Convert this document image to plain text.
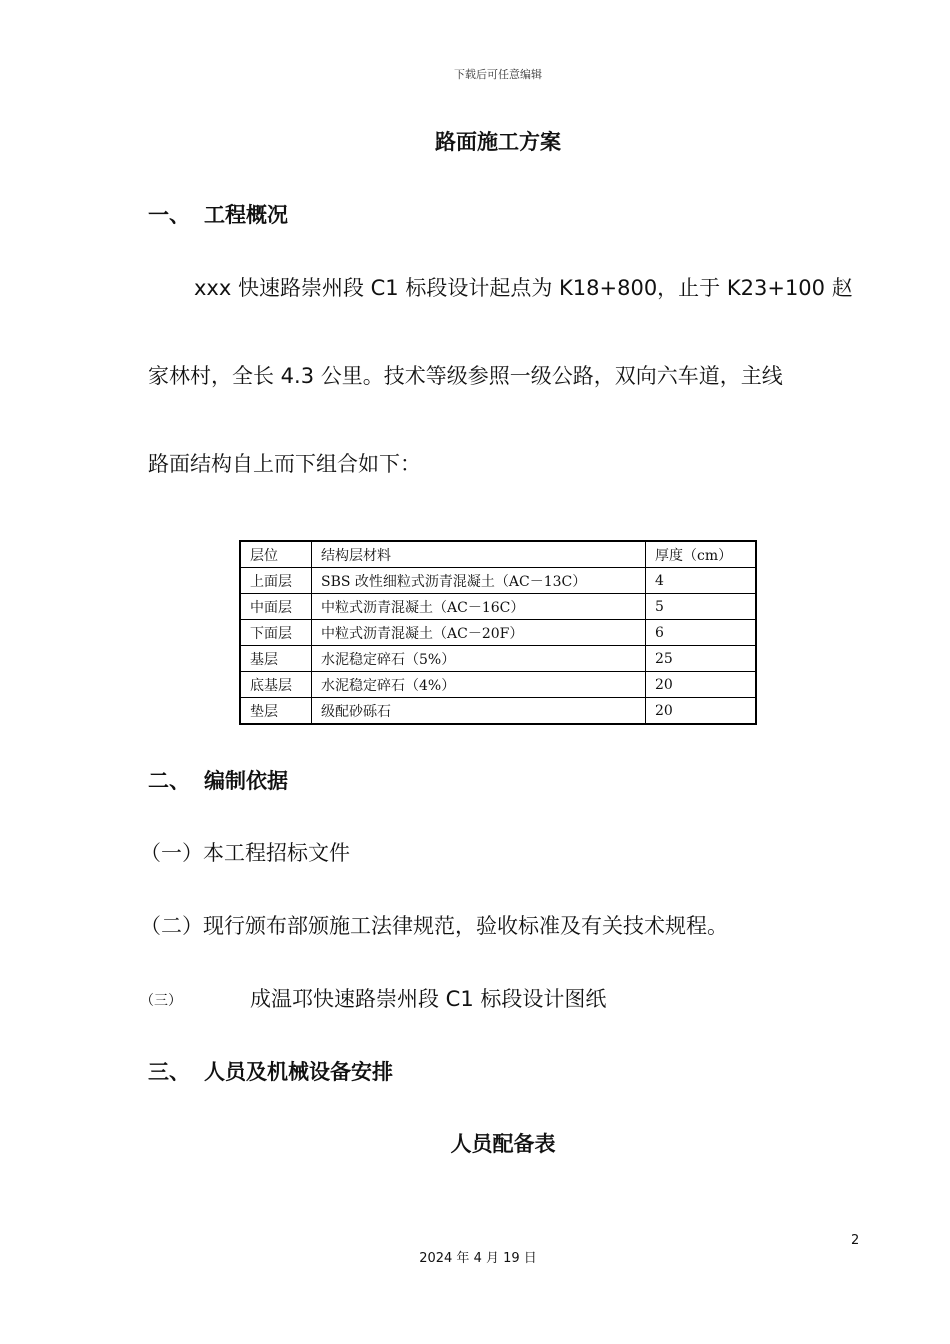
下载后可任意编辑
路面施工方案
一、 工程概况
xxx 快速路崇州段 C1 标段设计起点为 K18+800，止于 K23+100 赵
家林村，全长 4.3 公里。技术等级参照一级公路，双向六车道，主线
路面结构自上而下组合如下：
层位	结构层材料	厚度（cm）
上面层	SBS 改性细粒式沥青混凝土（AC－13C）	4
中面层	中粒式沥青混凝土（AC－16C）	5
下面层	中粒式沥青混凝土（AC－20F）	6
基层	水泥稳定碎石（5%）	25
底基层	水泥稳定碎石（4%）	20
垫层	级配砂砾石	20
二、 编制依据
（一）本工程招标文件
（二）现行颁布部颁施工法律规范，验收标准及有关技术规程。
（三）	成温邛快速路崇州段 C1 标段设计图纸
三、 人员及机械设备安排
人员配备表
2
2024 年 4 月 19 日
